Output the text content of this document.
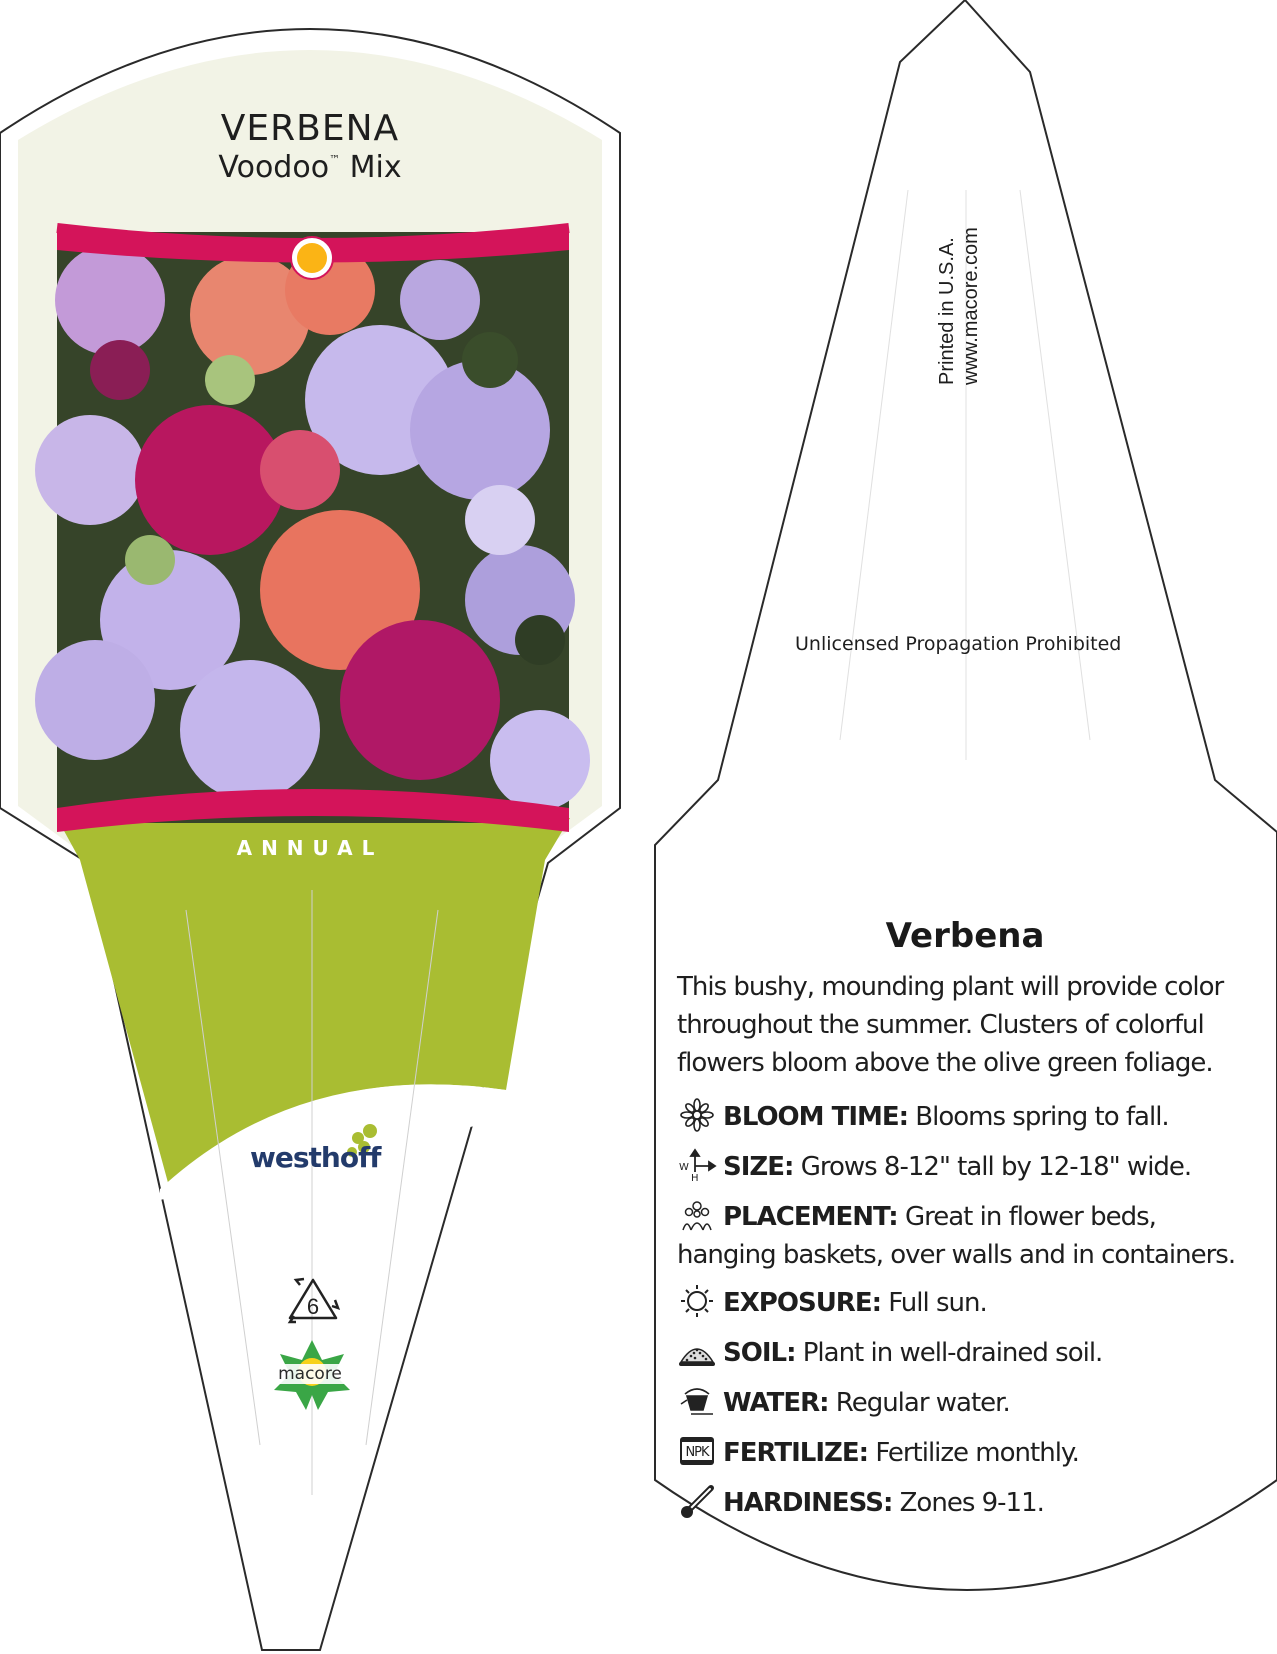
VERBENA
Voodoo™ Mix
ANNUAL
westhoff
6
macore
Printed in U.S.A. www.macore.com
Unlicensed Propagation Prohibited
Verbena
This bushy, mounding plant will provide color throughout the summer. Clusters of colorful flowers bloom above the olive green foliage.
BLOOM TIME: Blooms spring to fall.
W
H SIZE: Grows 8-12" tall by 12-18" wide.
PLACEMENT: Great in flower beds, hanging baskets, over walls and in containers.
EXPOSURE: Full sun.
SOIL: Plant in well-drained soil.
WATER: Regular water.
NPK FERTILIZE: Fertilize monthly.
HARDINESS: Zones 9-11.
